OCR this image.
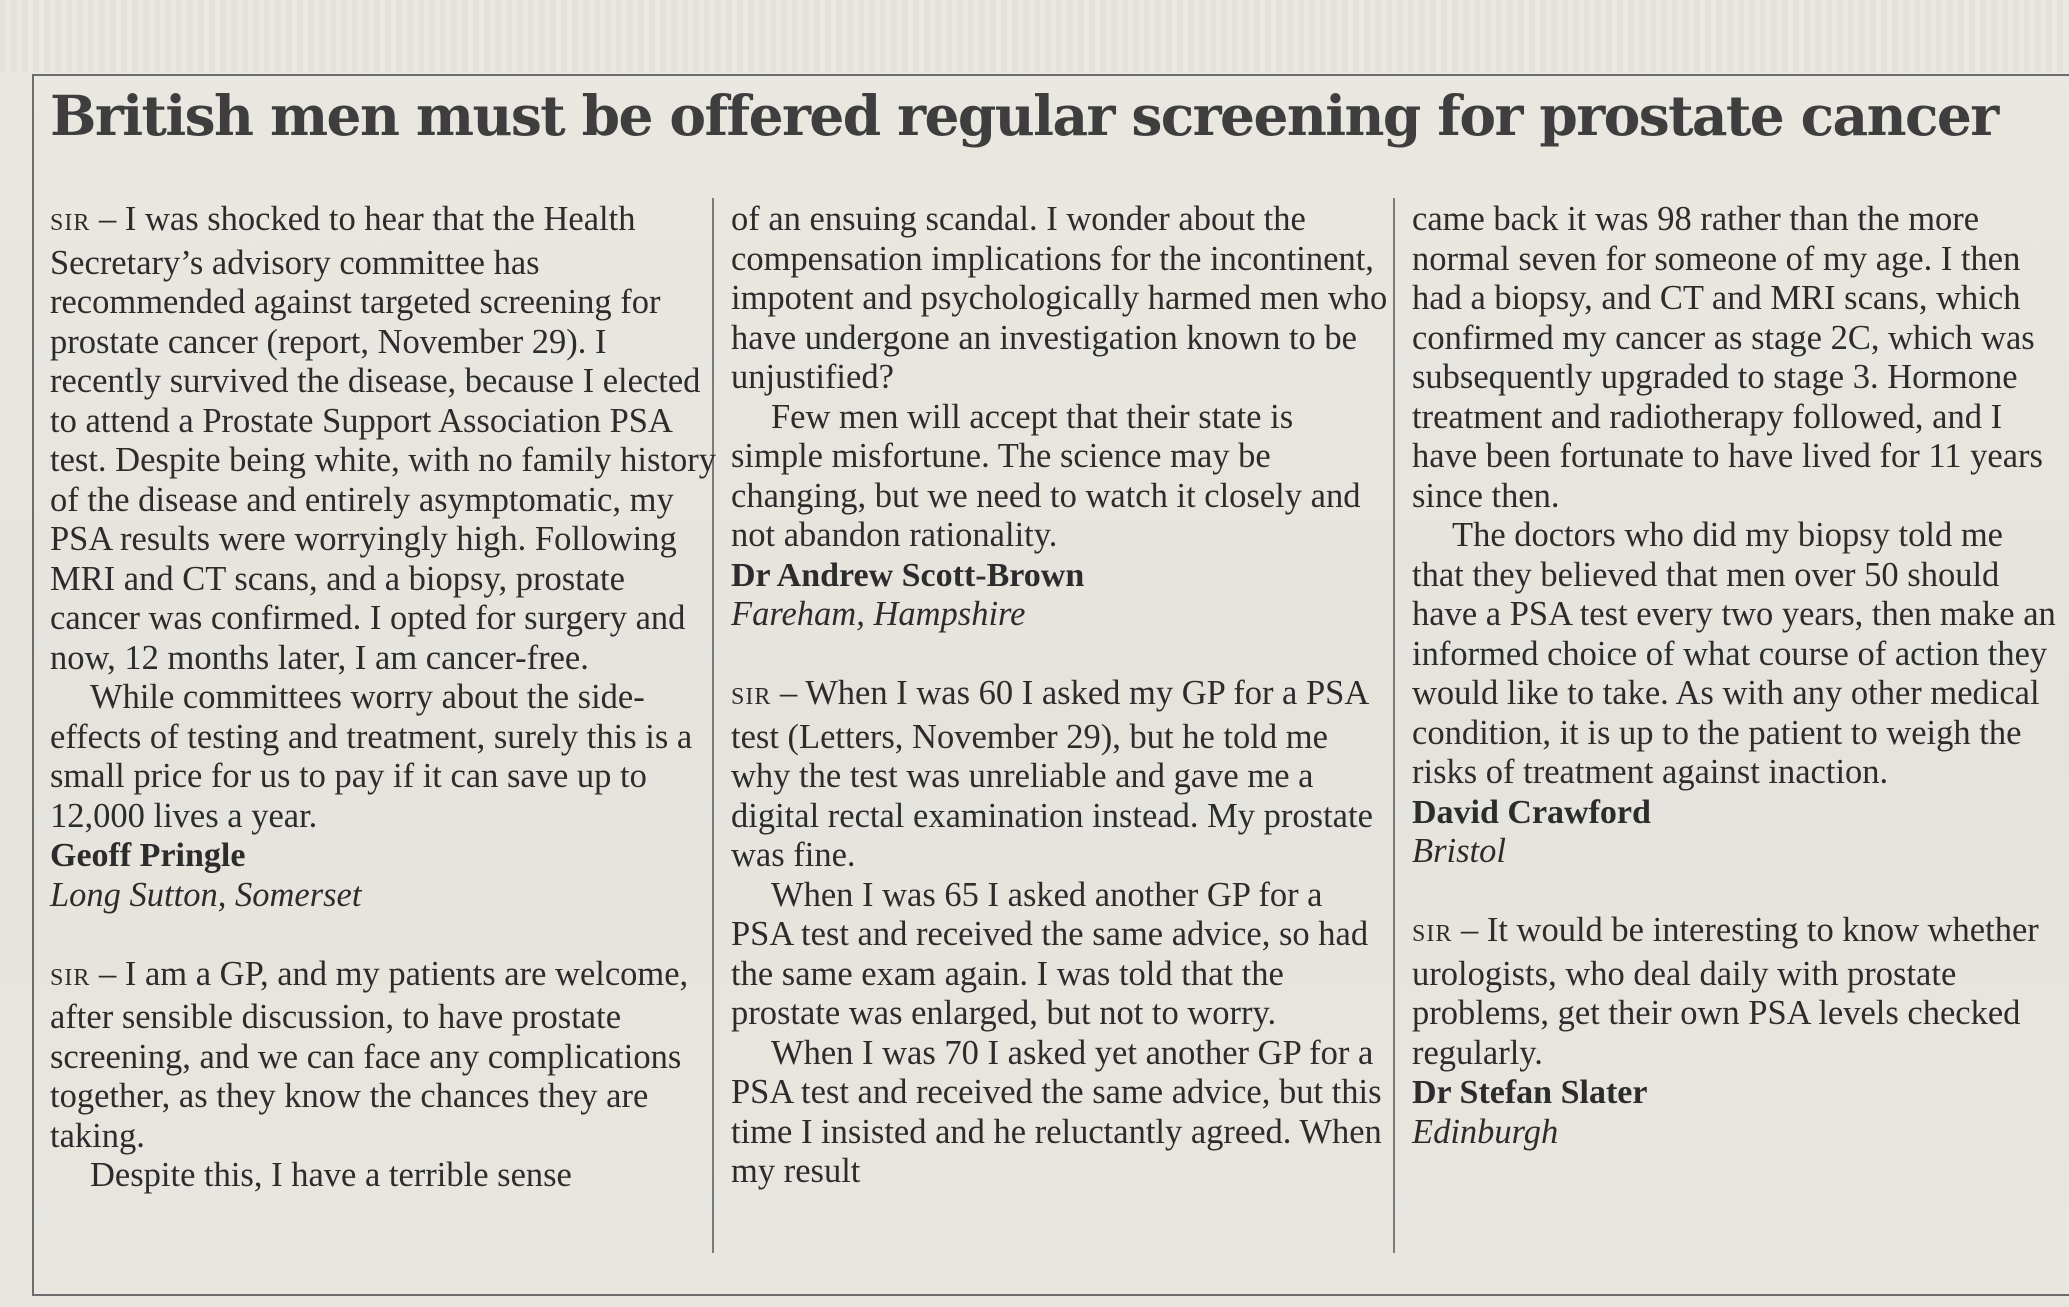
British men must be offered regular screening for prostate cancer

SIR – I was shocked to hear that the Health Secretary’s advisory committee has recommended against targeted screening for prostate cancer (report, November 29). I recently survived the disease, because I elected to attend a Prostate Support Association PSA test. Despite being white, with no family history of the disease and entirely asymptomatic, my PSA results were worryingly high. Following MRI and CT scans, and a biopsy, prostate cancer was confirmed. I opted for surgery and now, 12 months later, I am cancer-free.

While committees worry about the side-effects of testing and treatment, surely this is a small price for us to pay if it can save up to 12,000 lives a year.

Geoff Pringle

Long Sutton, Somerset

SIR – I am a GP, and my patients are welcome, after sensible discussion, to have prostate screening, and we can face any complications together, as they know the chances they are taking.

Despite this, I have a terrible sense

of an ensuing scandal. I wonder about the compensation implications for the incontinent, impotent and psychologically harmed men who have undergone an investigation known to be unjustified?

Few men will accept that their state is simple misfortune. The science may be changing, but we need to watch it closely and not abandon rationality.

Dr Andrew Scott-Brown

Fareham, Hampshire

SIR – When I was 60 I asked my GP for a PSA test (Letters, November 29), but he told me why the test was unreliable and gave me a digital rectal examination instead. My prostate was fine.

When I was 65 I asked another GP for a PSA test and received the same advice, so had the same exam again. I was told that the prostate was enlarged, but not to worry.

When I was 70 I asked yet another GP for a PSA test and received the same advice, but this time I insisted and he reluctantly agreed. When my result

came back it was 98 rather than the more normal seven for someone of my age. I then had a biopsy, and CT and MRI scans, which confirmed my cancer as stage 2C, which was subsequently upgraded to stage 3. Hormone treatment and radiotherapy followed, and I have been fortunate to have lived for 11 years since then.

The doctors who did my biopsy told me that they believed that men over 50 should have a PSA test every two years, then make an informed choice of what course of action they would like to take. As with any other medical condition, it is up to the patient to weigh the risks of treatment against inaction.

David Crawford

Bristol

SIR – It would be interesting to know whether urologists, who deal daily with prostate problems, get their own PSA levels checked regularly.

Dr Stefan Slater

Edinburgh
